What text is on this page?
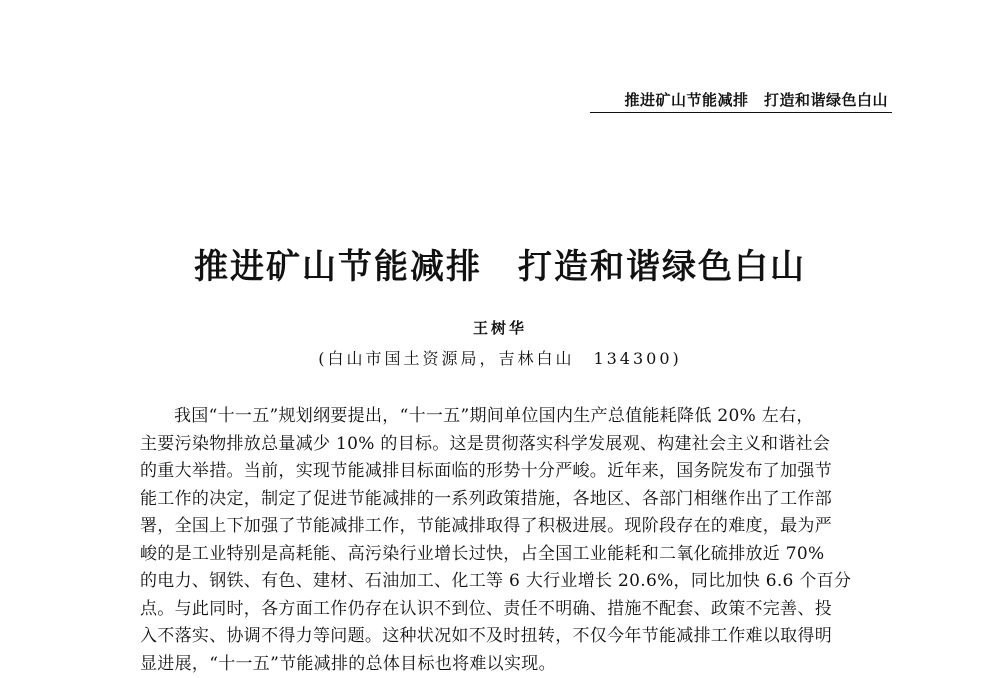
推进矿山节能减排　打造和谐绿色白山
推进矿山节能减排　打造和谐绿色白山
王树华
(白山市国土资源局，吉林白山　134300)
我国“十一五”规划纲要提出，“十一五”期间单位国内生产总值能耗降低 20% 左右，
主要污染物排放总量减少 10% 的目标。这是贯彻落实科学发展观、构建社会主义和谐社会
的重大举措。当前，实现节能减排目标面临的形势十分严峻。近年来，国务院发布了加强节
能工作的决定，制定了促进节能减排的一系列政策措施，各地区、各部门相继作出了工作部
署，全国上下加强了节能减排工作，节能减排取得了积极进展。现阶段存在的难度，最为严
峻的是工业特别是高耗能、高污染行业增长过快，占全国工业能耗和二氧化硫排放近 70%
的电力、钢铁、有色、建材、石油加工、化工等 6 大行业增长 20.6%，同比加快 6.6 个百分
点。与此同时，各方面工作仍存在认识不到位、责任不明确、措施不配套、政策不完善、投
入不落实、协调不得力等问题。这种状况如不及时扭转，不仅今年节能减排工作难以取得明
显进展，“十一五”节能减排的总体目标也将难以实现。
